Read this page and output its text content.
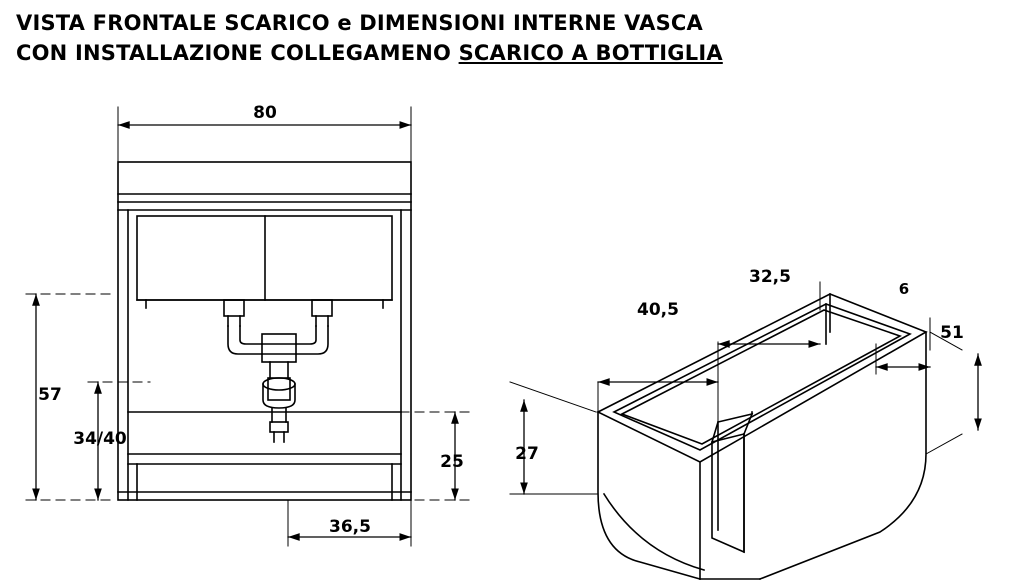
VISTA FRONTALE SCARICO e DIMENSIONI INTERNE VASCA
CON INSTALLAZIONE COLLEGAMENO SCARICO A BOTTIGLIA
80
57
34/40
25
36,5
40,5
32,5
6
51
27
